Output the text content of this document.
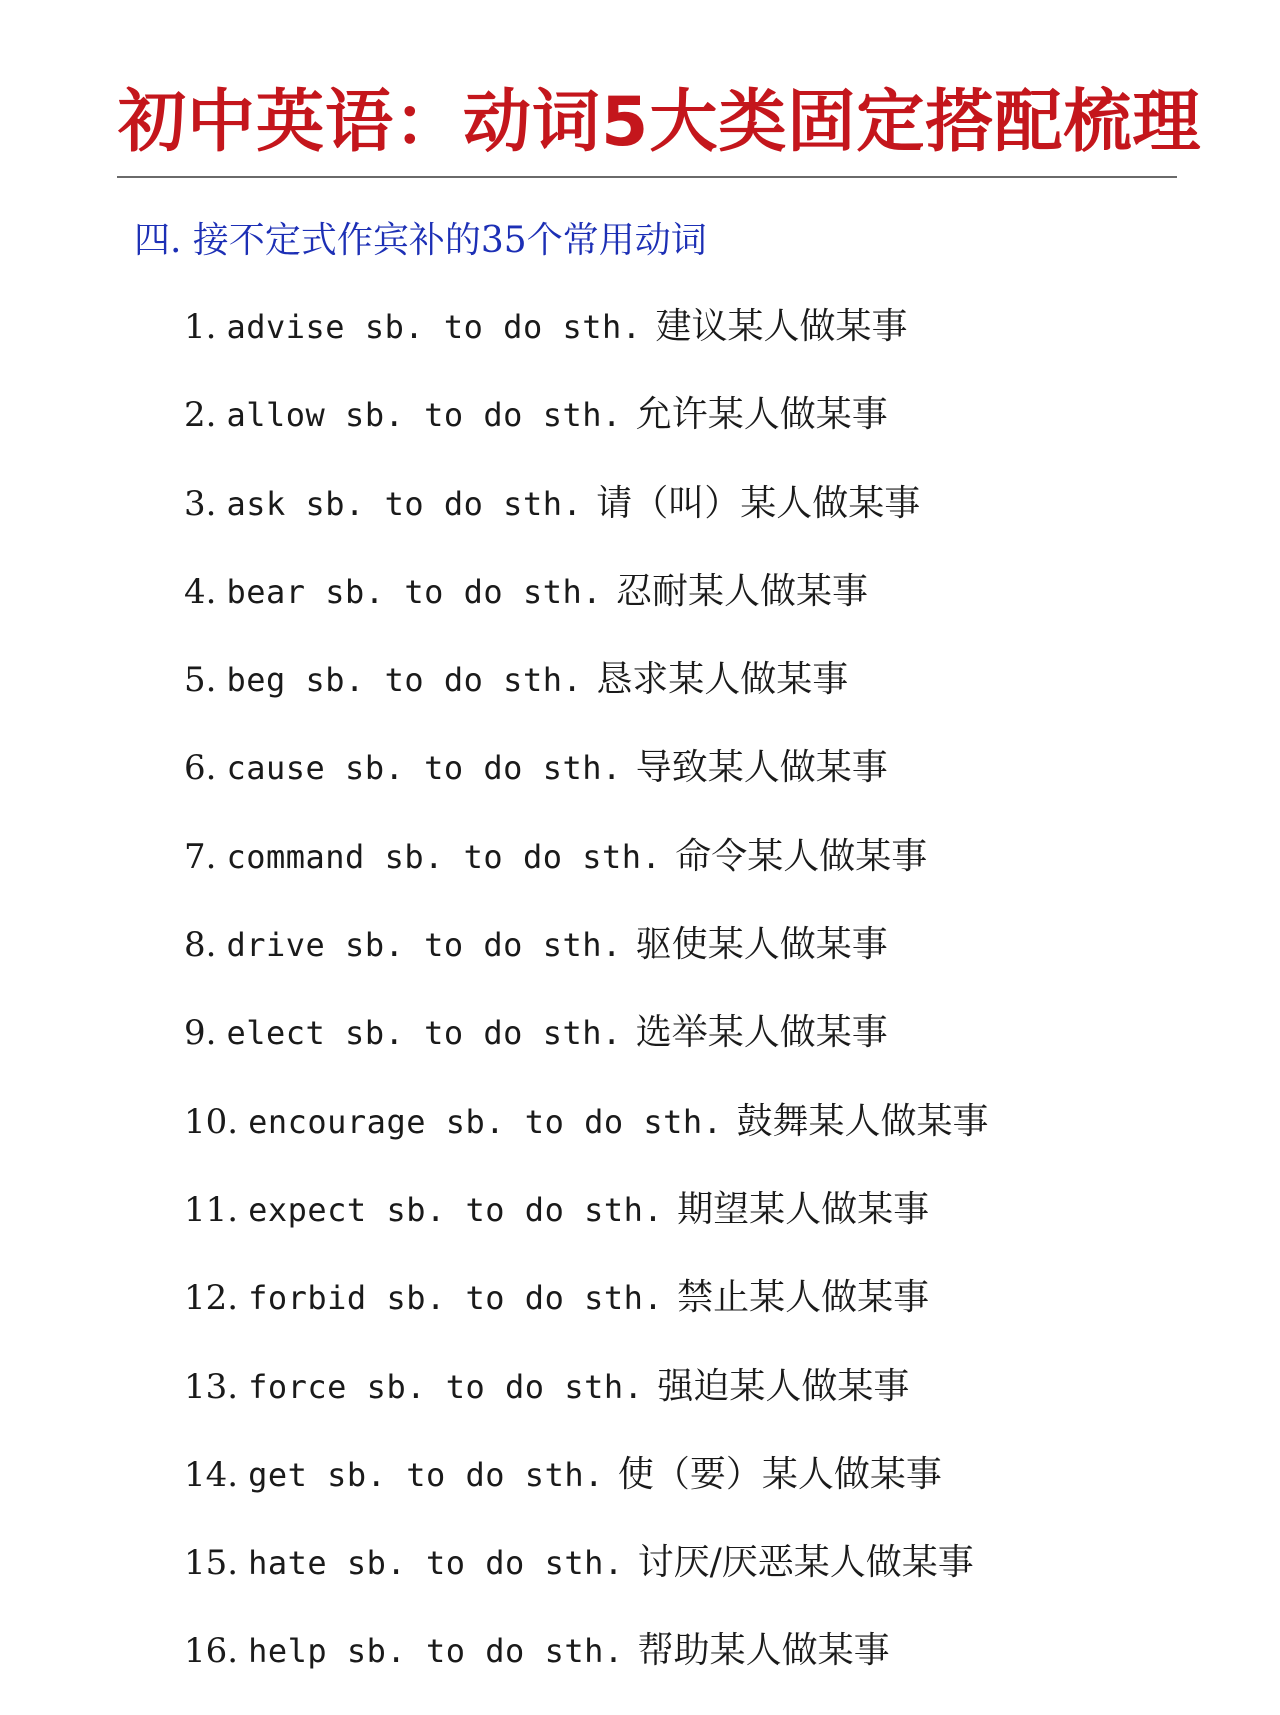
初中英语：动词5大类固定搭配梳理
四. 接不定式作宾补的35个常用动词
1. advise sb. to do sth. 建议某人做某事
2. allow sb. to do sth. 允许某人做某事
3. ask sb. to do sth. 请（叫）某人做某事
4. bear sb. to do sth. 忍耐某人做某事
5. beg sb. to do sth. 恳求某人做某事
6. cause sb. to do sth. 导致某人做某事
7. command sb. to do sth. 命令某人做某事
8. drive sb. to do sth. 驱使某人做某事
9. elect sb. to do sth. 选举某人做某事
10. encourage sb. to do sth. 鼓舞某人做某事
11. expect sb. to do sth. 期望某人做某事
12. forbid sb. to do sth. 禁止某人做某事
13. force sb. to do sth. 强迫某人做某事
14. get sb. to do sth. 使（要）某人做某事
15. hate sb. to do sth. 讨厌/厌恶某人做某事
16. help sb. to do sth. 帮助某人做某事
